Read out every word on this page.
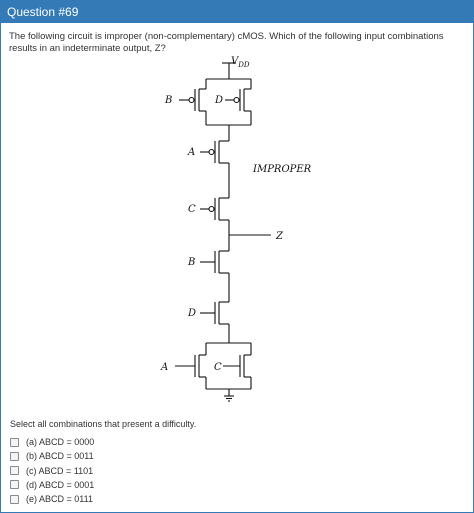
Question #69
The following circuit is improper (non-complementary) cMOS. Which of the following input combinations results in an indeterminate output, Z?
$V_{DD}$
B	D
A
IMPROPER
C
Z
B
D
A	C
Select all combinations that present a difficulty.
(a) ABCD = 0000
(b) ABCD = 0011
(c) ABCD = 1101
(d) ABCD = 0001
(e) ABCD = 0111
